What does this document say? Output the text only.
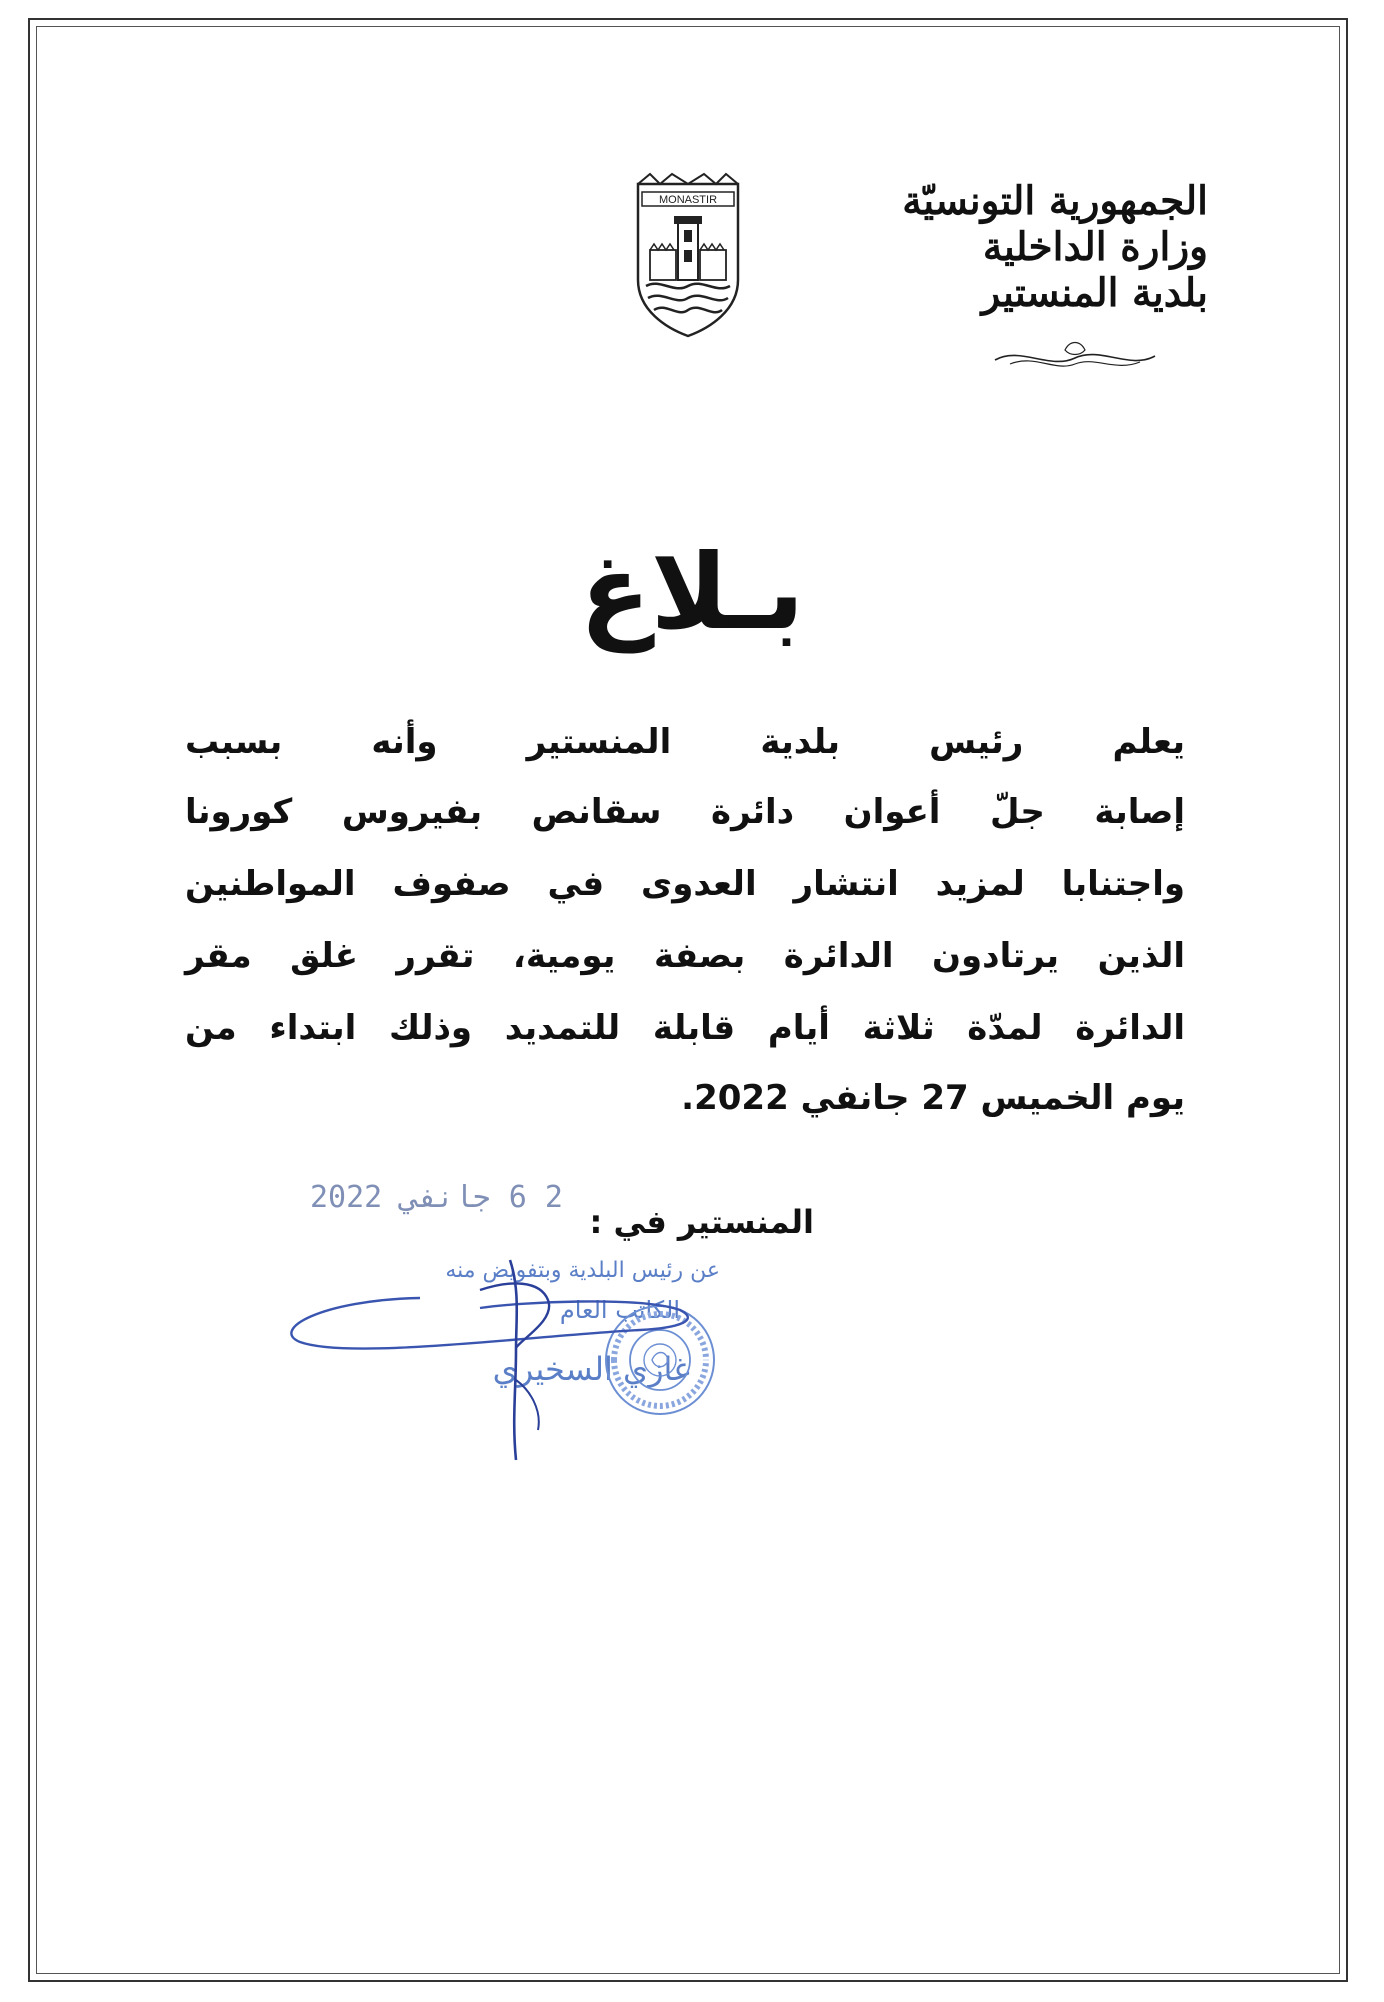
الجمهورية التونسيّة
وزارة الداخلية
بلدية المنستير
MONASTIR
بـلاغ
يعلم رئيس بلدية المنستير وأنه بسبب
إصابة جلّ أعوان دائرة سقانص بفيروس كورونا
واجتنابا لمزيد انتشار العدوى في صفوف المواطنين
الذين يرتادون الدائرة بصفة يومية، تقرر غلق مقر
الدائرة لمدّة ثلاثة أيام قابلة للتمديد وذلك ابتداء من
يوم الخميس 27 جانفي 2022.
المنستير في :
2 6 جانفي 2022
عن رئيس البلدية وبتفويض منه
الكاتب العام
غازي السخيري
